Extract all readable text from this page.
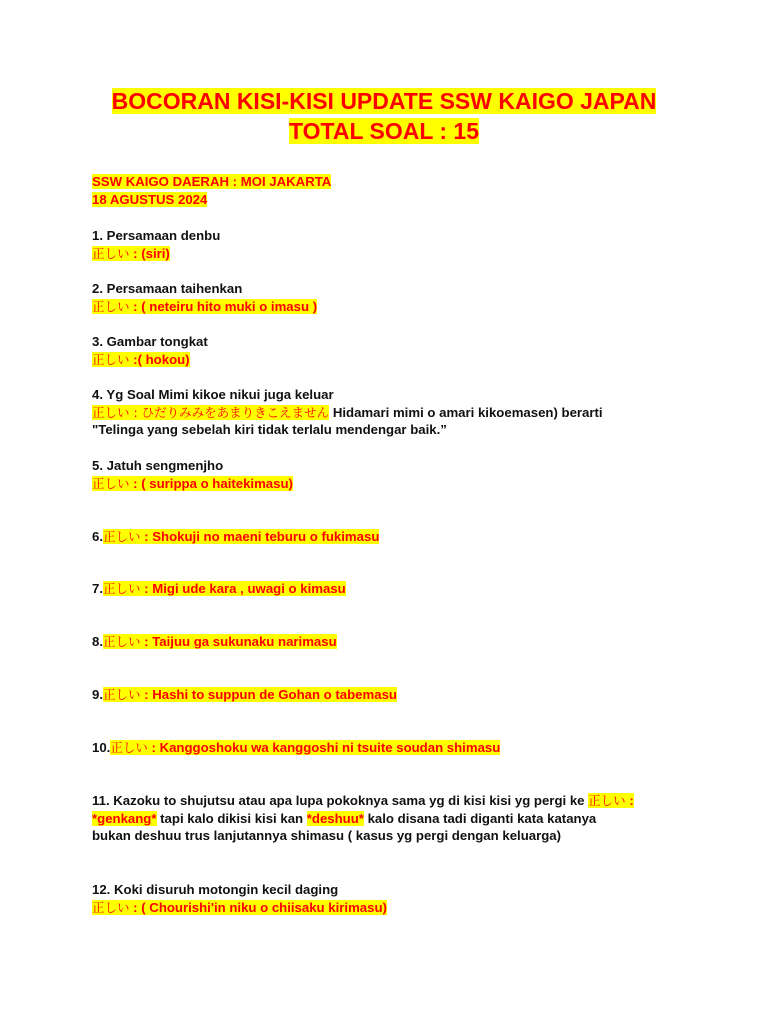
BOCORAN KISI-KISI UPDATE SSW KAIGO JAPAN
TOTAL SOAL : 15
SSW KAIGO DAERAH : MOI JAKARTA
18 AGUSTUS 2024
1. Persamaan denbu
正しい : (siri)
2. Persamaan taihenkan
正しい : ( neteiru hito muki o imasu )
3. Gambar tongkat
正しい :( hokou)
4. Yg Soal Mimi kikoe nikui juga keluar
正しい : ひだりみみをあまりきこえません Hidamari mimi o amari kikoemasen) berarti
"Telinga yang sebelah kiri tidak terlalu mendengar baik.”
5. Jatuh sengmenjho
正しい : ( surippa o haitekimasu)
6.正しい : Shokuji no maeni teburu o fukimasu
7.正しい : Migi ude kara , uwagi o kimasu
8.正しい : Taijuu ga sukunaku narimasu
9.正しい : Hashi to suppun de Gohan o tabemasu
10.正しい : Kanggoshoku wa kanggoshi ni tsuite soudan shimasu
11. Kazoku to shujutsu atau apa lupa pokoknya sama yg di kisi kisi yg pergi ke 正しい :
*genkang* tapi kalo dikisi kisi kan *deshuu* kalo disana tadi diganti kata katanya
bukan deshuu trus lanjutannya shimasu ( kasus yg pergi dengan keluarga)
12. Koki disuruh motongin kecil daging
正しい : ( Chourishi'in niku o chiisaku kirimasu)
